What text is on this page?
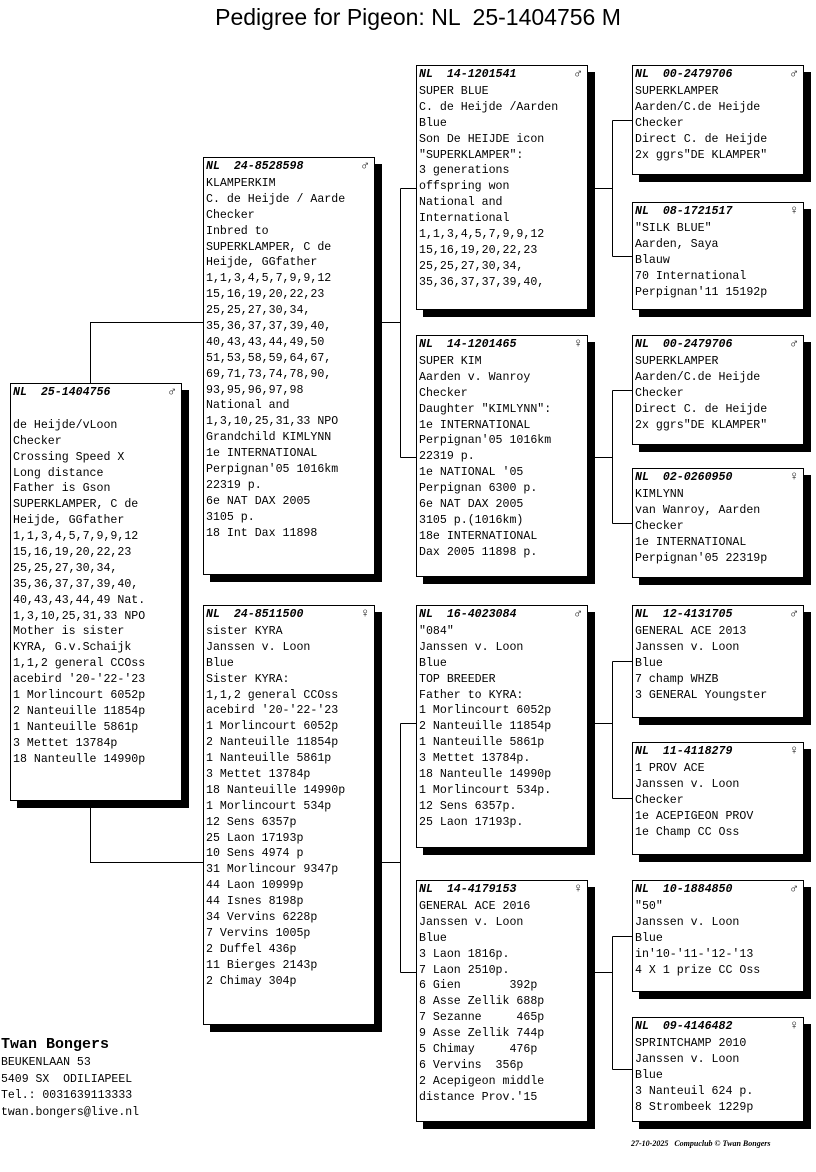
Pedigree for Pigeon: NL  25-1404756 M
NL  25-1404756	♂
de Heijde/vLoon
Checker
Crossing Speed X
Long distance
Father is Gson
SUPERKLAMPER, C de
Heijde, GGfather
1,1,3,4,5,7,9,9,12
15,16,19,20,22,23
25,25,27,30,34,
35,36,37,37,39,40,
40,43,43,44,49 Nat.
1,3,10,25,31,33 NPO
Mother is sister
KYRA, G.v.Schaijk
1,1,2 general CCOss
acebird '20-'22-'23
1 Morlincourt 6052p
2 Nanteuille 11854p
1 Nanteuille 5861p
3 Mettet 13784p
18 Nanteulle 14990p
NL  24-8528598	♂
KLAMPERKIM
C. de Heijde / Aarde
Checker
Inbred to
SUPERKLAMPER, C de
Heijde, GGfather
1,1,3,4,5,7,9,9,12
15,16,19,20,22,23
25,25,27,30,34,
35,36,37,37,39,40,
40,43,43,44,49,50
51,53,58,59,64,67,
69,71,73,74,78,90,
93,95,96,97,98
National and
1,3,10,25,31,33 NPO
Grandchild KIMLYNN
1e INTERNATIONAL
Perpignan'05 1016km
22319 p.
6e NAT DAX 2005
3105 p.
18 Int Dax 11898
NL  24-8511500	♀
sister KYRA
Janssen v. Loon
Blue
Sister KYRA:
1,1,2 general CCOss
acebird '20-'22-'23
1 Morlincourt 6052p
2 Nanteuille 11854p
1 Nanteuille 5861p
3 Mettet 13784p
18 Nanteuille 14990p
1 Morlincourt 534p
12 Sens 6357p
25 Laon 17193p
10 Sens 4974 p
31 Morlincour 9347p
44 Laon 10999p
44 Isnes 8198p
34 Vervins 6228p
7 Vervins 1005p
2 Duffel 436p
11 Bierges 2143p
2 Chimay 304p
NL  14-1201541	♂
SUPER BLUE
C. de Heijde /Aarden
Blue
Son De HEIJDE icon
"SUPERKLAMPER":
3 generations
offspring won
National and
International
1,1,3,4,5,7,9,9,12
15,16,19,20,22,23
25,25,27,30,34,
35,36,37,37,39,40,
NL  14-1201465	♀
SUPER KIM
Aarden v. Wanroy
Checker
Daughter "KIMLYNN":
1e INTERNATIONAL
Perpignan'05 1016km
22319 p.
1e NATIONAL '05
Perpignan 6300 p.
6e NAT DAX 2005
3105 p.(1016km)
18e INTERNATIONAL
Dax 2005 11898 p.
NL  16-4023084	♂
"084"
Janssen v. Loon
Blue
TOP BREEDER
Father to KYRA:
1 Morlincourt 6052p
2 Nanteuille 11854p
1 Nanteuille 5861p
3 Mettet 13784p.
18 Nanteulle 14990p
1 Morlincourt 534p.
12 Sens 6357p.
25 Laon 17193p.
NL  14-4179153	♀
GENERAL ACE 2016
Janssen v. Loon
Blue
3 Laon 1816p.
7 Laon 2510p.
6 Gien       392p
8 Asse Zellik 688p
7 Sezanne     465p
9 Asse Zellik 744p
5 Chimay     476p
6 Vervins  356p
2 Acepigeon middle
distance Prov.'15
NL  00-2479706	♂
SUPERKLAMPER
Aarden/C.de Heijde
Checker
Direct C. de Heijde
2x ggrs"DE KLAMPER"
NL  08-1721517	♀
"SILK BLUE"
Aarden, Saya
Blauw
70 International
Perpignan'11 15192p
NL  00-2479706	♂
SUPERKLAMPER
Aarden/C.de Heijde
Checker
Direct C. de Heijde
2x ggrs"DE KLAMPER"
NL  02-0260950	♀
KIMLYNN
van Wanroy, Aarden
Checker
1e INTERNATIONAL
Perpignan'05 22319p
NL  12-4131705	♂
GENERAL ACE 2013
Janssen v. Loon
Blue
7 champ WHZB
3 GENERAL Youngster
NL  11-4118279	♀
1 PROV ACE
Janssen v. Loon
Checker
1e ACEPIGEON PROV
1e Champ CC Oss
NL  10-1884850	♂
"50"
Janssen v. Loon
Blue
in'10-'11-'12-'13
4 X 1 prize CC Oss
NL  09-4146482	♀
SPRINTCHAMP 2010
Janssen v. Loon
Blue
3 Nanteuil 624 p.
8 Strombeek 1229p
Twan Bongers
BEUKENLAAN 53
5409 SX  ODILIAPEEL
Tel.: 0031639113333
twan.bongers@live.nl
27-10-2025 Compuclub © Twan Bongers
